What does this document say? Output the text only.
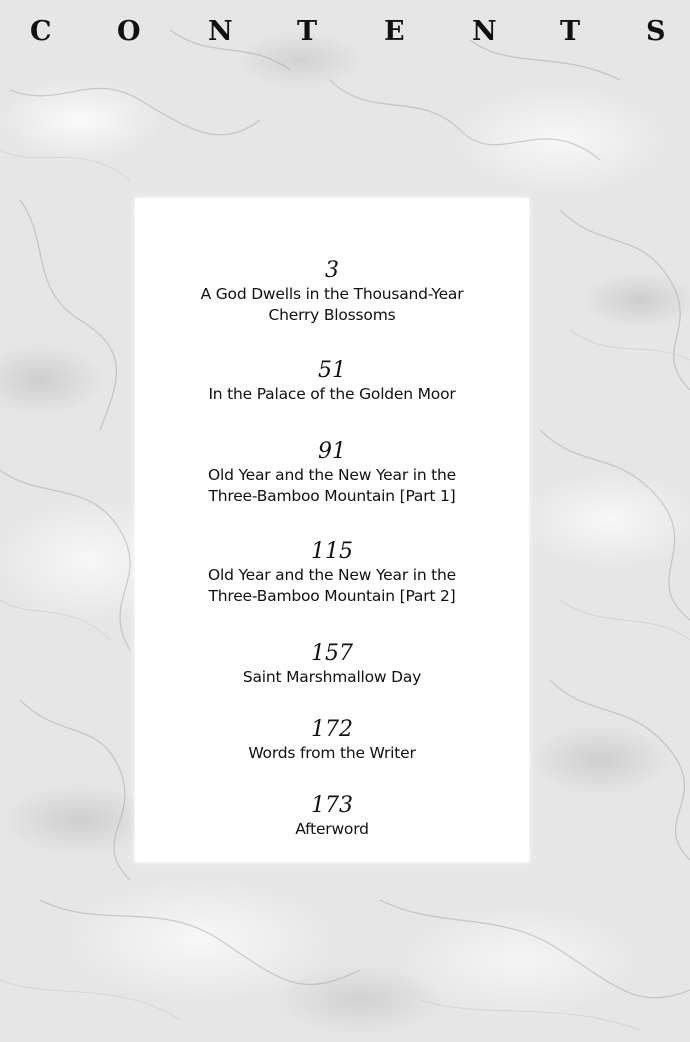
C O N T E N T S
3
A God Dwells in the Thousand-Year Cherry Blossoms
51
In the Palace of the Golden Moor
91
Old Year and the New Year in the Three-Bamboo Mountain [Part 1]
115
Old Year and the New Year in the Three-Bamboo Mountain [Part 2]
157
Saint Marshmallow Day
172
Words from the Writer
173
Afterword
